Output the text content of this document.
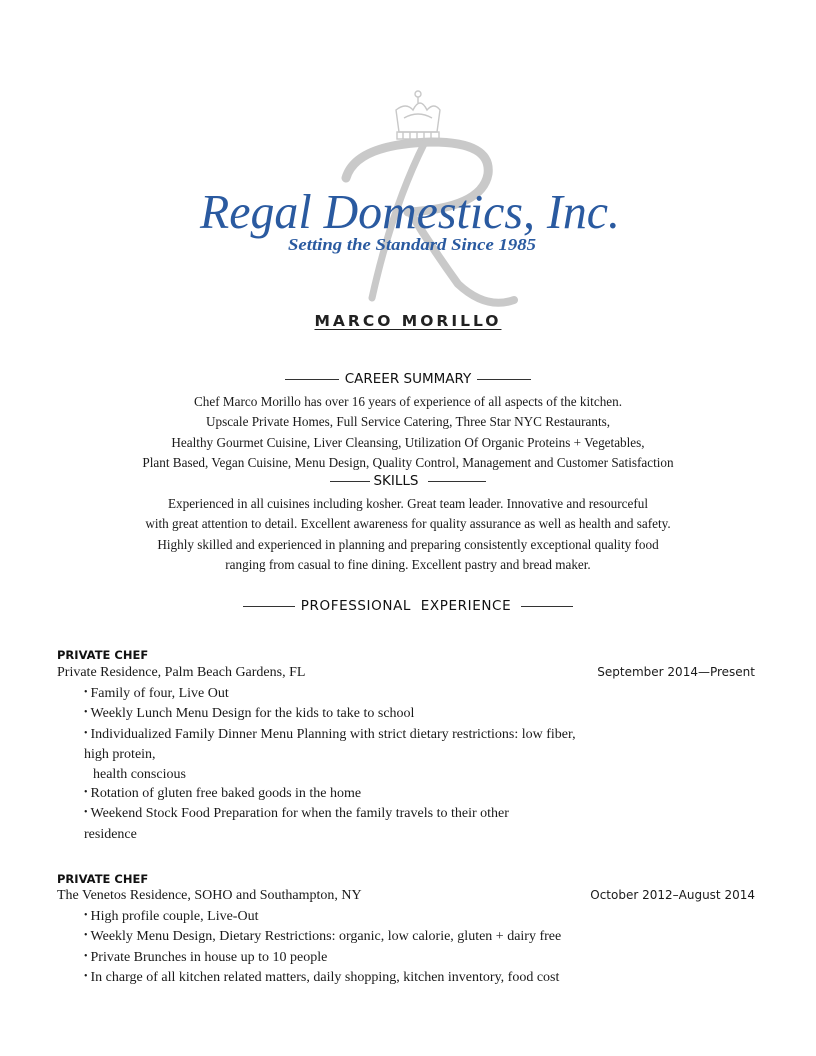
Regal Domestics, Inc.
Setting the Standard Since 1985
MARCO MORILLO
CAREER SUMMARY
Chef Marco Morillo has over 16 years of experience of all aspects of the kitchen.
Upscale Private Homes, Full Service Catering, Three Star NYC Restaurants,
Healthy Gourmet Cuisine, Liver Cleansing, Utilization Of Organic Proteins + Vegetables,
Plant Based, Vegan Cuisine, Menu Design, Quality Control, Management and Customer Satisfaction
SKILLS
Experienced in all cuisines including kosher. Great team leader. Innovative and resourceful
with great attention to detail. Excellent awareness for quality assurance as well as health and safety.
Highly skilled and experienced in planning and preparing consistently exceptional quality food
ranging from casual to fine dining. Excellent pastry and bread maker.
PROFESSIONAL  EXPERIENCE
PRIVATE CHEF
Private Residence, Palm Beach Gardens, FL	September 2014—Present
• Family of four, Live Out
• Weekly Lunch Menu Design for the kids to take to school
• Individualized Family Dinner Menu Planning with strict dietary restrictions: low fiber,
high protein,
health conscious
• Rotation of gluten free baked goods in the home
• Weekend Stock Food Preparation for when the family travels to their other
residence
PRIVATE CHEF
The Venetos Residence, SOHO and Southampton, NY	October 2012–August 2014
• High profile couple, Live-Out
• Weekly Menu Design, Dietary Restrictions: organic, low calorie, gluten + dairy free
• Private Brunches in house up to 10 people
• In charge of all kitchen related matters, daily shopping, kitchen inventory, food cost
